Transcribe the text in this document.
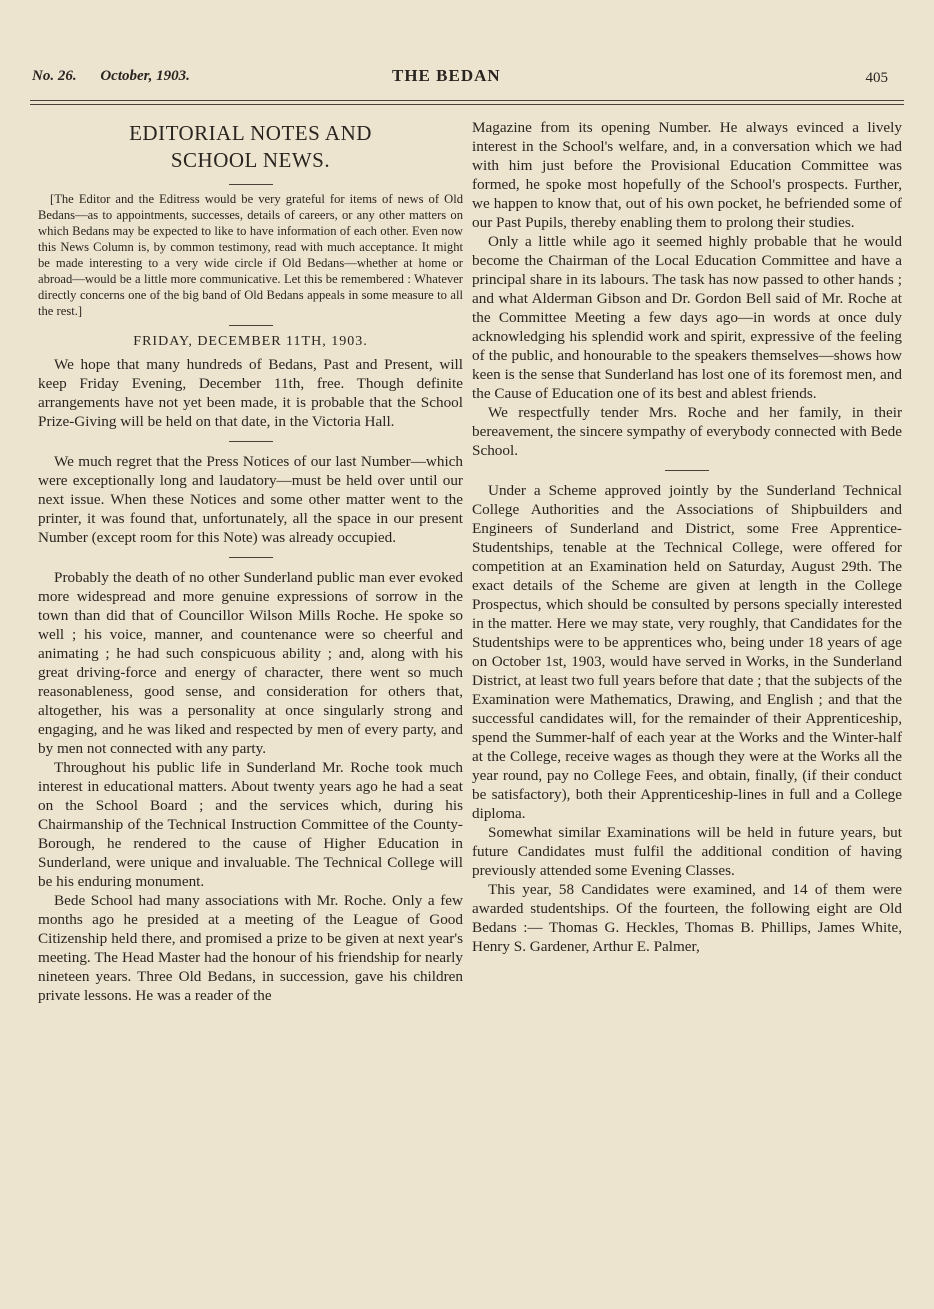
No. 26. October, 1903.	THE BEDAN	405
EDITORIAL NOTES AND
SCHOOL NEWS.
[The Editor and the Editress would be very grateful for items of news of Old Bedans—as to appointments, successes, details of careers, or any other matters on which Bedans may be expected to like to have information of each other. Even now this News Column is, by common testimony, read with much acceptance. It might be made interesting to a very wide circle if Old Bedans—whether at home or abroad—would be a little more communicative. Let this be remembered : Whatever directly concerns one of the big band of Old Bedans appeals in some measure to all the rest.]
FRIDAY, DECEMBER 11TH, 1903.

We hope that many hundreds of Bedans, Past and Present, will keep Friday Evening, December 11th, free. Though definite arrangements have not yet been made, it is probable that the School Prize-Giving will be held on that date, in the Victoria Hall.

We much regret that the Press Notices of our last Number—which were exceptionally long and laudatory—must be held over until our next issue. When these Notices and some other matter went to the printer, it was found that, unfortunately, all the space in our present Number (except room for this Note) was already occupied.

Probably the death of no other Sunderland public man ever evoked more widespread and more genuine expressions of sorrow in the town than did that of Councillor Wilson Mills Roche. He spoke so well ; his voice, manner, and countenance were so cheerful and animating ; he had such conspicuous ability ; and, along with his great driving-force and energy of character, there went so much reasonableness, good sense, and consideration for others that, altogether, his was a personality at once singularly strong and engaging, and he was liked and respected by men of every party, and by men not connected with any party.

Throughout his public life in Sunderland Mr. Roche took much interest in educational matters. About twenty years ago he had a seat on the School Board ; and the services which, during his Chairmanship of the Technical Instruction Committee of the County-Borough, he rendered to the cause of Higher Education in Sunderland, were unique and invaluable. The Technical College will be his enduring monument.

Bede School had many associations with Mr. Roche. Only a few months ago he presided at a meeting of the League of Good Citizenship held there, and promised a prize to be given at next year's meeting. The Head Master had the honour of his friendship for nearly nineteen years. Three Old Bedans, in succession, gave his children private lessons. He was a reader of the

Magazine from its opening Number. He always evinced a lively interest in the School's welfare, and, in a conversation which we had with him just before the Provisional Education Committee was formed, he spoke most hopefully of the School's prospects. Further, we happen to know that, out of his own pocket, he befriended some of our Past Pupils, thereby enabling them to prolong their studies.

Only a little while ago it seemed highly probable that he would become the Chairman of the Local Education Committee and have a principal share in its labours. The task has now passed to other hands ; and what Alderman Gibson and Dr. Gordon Bell said of Mr. Roche at the Committee Meeting a few days ago—in words at once duly acknowledging his splendid work and spirit, expressive of the feeling of the public, and honourable to the speakers themselves—shows how keen is the sense that Sunderland has lost one of its foremost men, and the Cause of Education one of its best and ablest friends.

We respectfully tender Mrs. Roche and her family, in their bereavement, the sincere sympathy of everybody connected with Bede School.

Under a Scheme approved jointly by the Sunderland Technical College Authorities and the Associations of Shipbuilders and Engineers of Sunderland and District, some Free Apprentice-Studentships, tenable at the Technical College, were offered for competition at an Examination held on Saturday, August 29th. The exact details of the Scheme are given at length in the College Prospectus, which should be consulted by persons specially interested in the matter. Here we may state, very roughly, that Candidates for the Studentships were to be apprentices who, being under 18 years of age on October 1st, 1903, would have served in Works, in the Sunderland District, at least two full years before that date ; that the subjects of the Examination were Mathematics, Drawing, and English ; and that the successful candidates will, for the remainder of their Apprenticeship, spend the Summer-half of each year at the Works and the Winter-half at the College, receive wages as though they were at the Works all the year round, pay no College Fees, and obtain, finally, (if their conduct be satisfactory), both their Apprenticeship-lines in full and a College diploma.

Somewhat similar Examinations will be held in future years, but future Candidates must fulfil the additional condition of having previously attended some Evening Classes.

This year, 58 Candidates were examined, and 14 of them were awarded studentships. Of the fourteen, the following eight are Old Bedans :— Thomas G. Heckles, Thomas B. Phillips, James White, Henry S. Gardener, Arthur E. Palmer,
